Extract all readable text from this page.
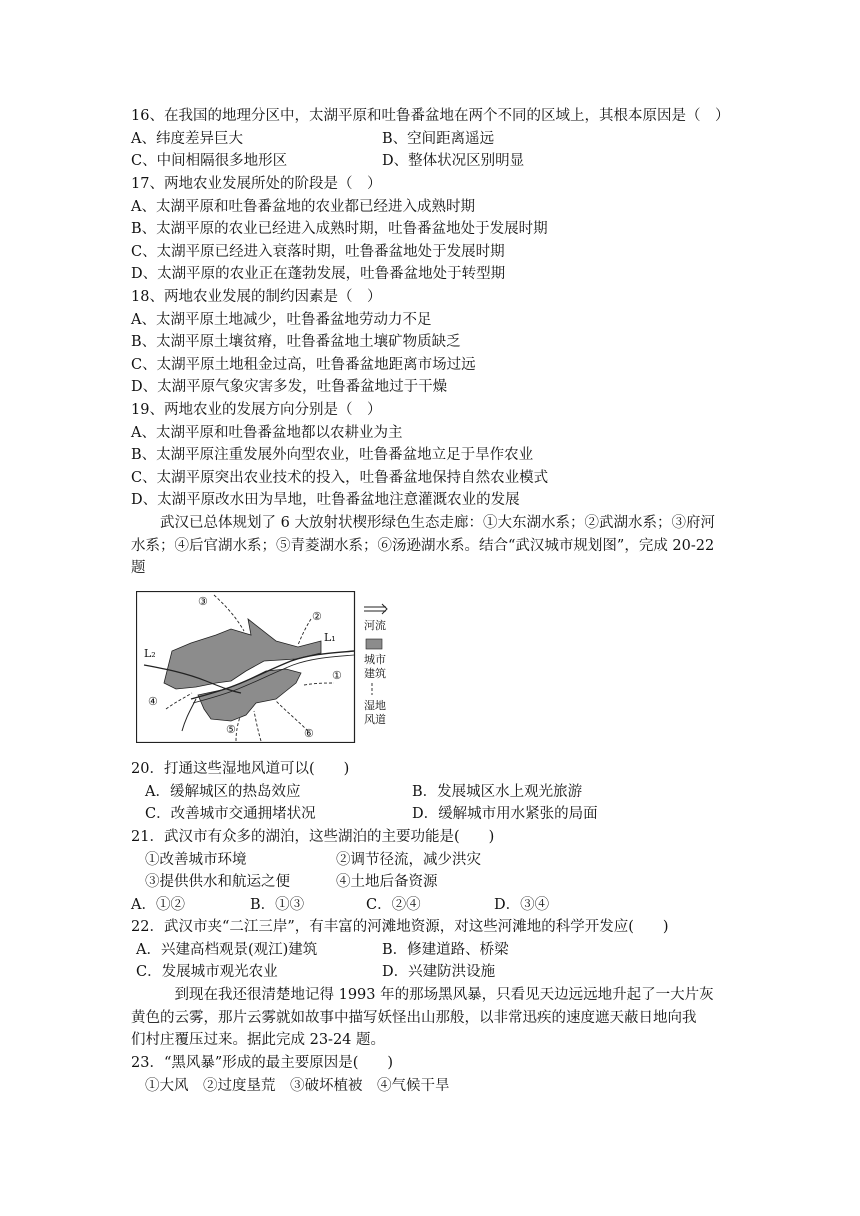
16、在我国的地理分区中，太湖平原和吐鲁番盆地在两个不同的区域上，其根本原因是（　）
A、纬度差异巨大	B、空间距离遥远
C、中间相隔很多地形区	D、整体状况区别明显
17、两地农业发展所处的阶段是（　）
A、太湖平原和吐鲁番盆地的农业都已经进入成熟时期
B、太湖平原的农业已经进入成熟时期，吐鲁番盆地处于发展时期
C、太湖平原已经进入衰落时期，吐鲁番盆地处于发展时期
D、太湖平原的农业正在蓬勃发展，吐鲁番盆地处于转型期
18、两地农业发展的制约因素是（　）
A、太湖平原土地减少，吐鲁番盆地劳动力不足
B、太湖平原土壤贫瘠，吐鲁番盆地土壤矿物质缺乏
C、太湖平原土地租金过高，吐鲁番盆地距离市场过远
D、太湖平原气象灾害多发，吐鲁番盆地过于干燥
19、两地农业的发展方向分别是（　）
A、太湖平原和吐鲁番盆地都以农耕业为主
B、太湖平原注重发展外向型农业，吐鲁番盆地立足于旱作农业
C、太湖平原突出农业技术的投入，吐鲁番盆地保持自然农业模式
D、太湖平原改水田为旱地，吐鲁番盆地注意灌溉农业的发展
　　武汉已总体规划了 6 大放射状楔形绿色生态走廊：①大东湖水系；②武湖水系；③府河
水系；④后官湖水系；⑤青菱湖水系；⑥汤逊湖水系。结合“武汉城市规划图”，完成 20-22
题
③
②
L₁
L₂
①
④
⑤	⑥
河流
城市
建筑
湿地
风道
20．打通这些湿地风道可以(　　)
A．缓解城区的热岛效应	B．发展城区水上观光旅游
C．改善城市交通拥堵状况	D．缓解城市用水紧张的局面
21．武汉市有众多的湖泊，这些湖泊的主要功能是(　　)
①改善城市环境	②调节径流，减少洪灾
③提供供水和航运之便	④土地后备资源
A．①②	B．①③	C．②④	D．③④
22．武汉市夹“二江三岸”，有丰富的河滩地资源，对这些河滩地的科学开发应(　　)
A．兴建高档观景(观江)建筑	B．修建道路、桥梁
C．发展城市观光农业	D．兴建防洪设施
　　　到现在我还很清楚地记得 1993 年的那场黑风暴，只看见天边远远地升起了一大片灰
黄色的云雾，那片云雾就如故事中描写妖怪出山那般，以非常迅疾的速度遮天蔽日地向我
们村庄覆压过来。据此完成 23-24 题。
23．“黑风暴”形成的最主要原因是(　　)
①大风　②过度垦荒　③破坏植被　④气候干旱
